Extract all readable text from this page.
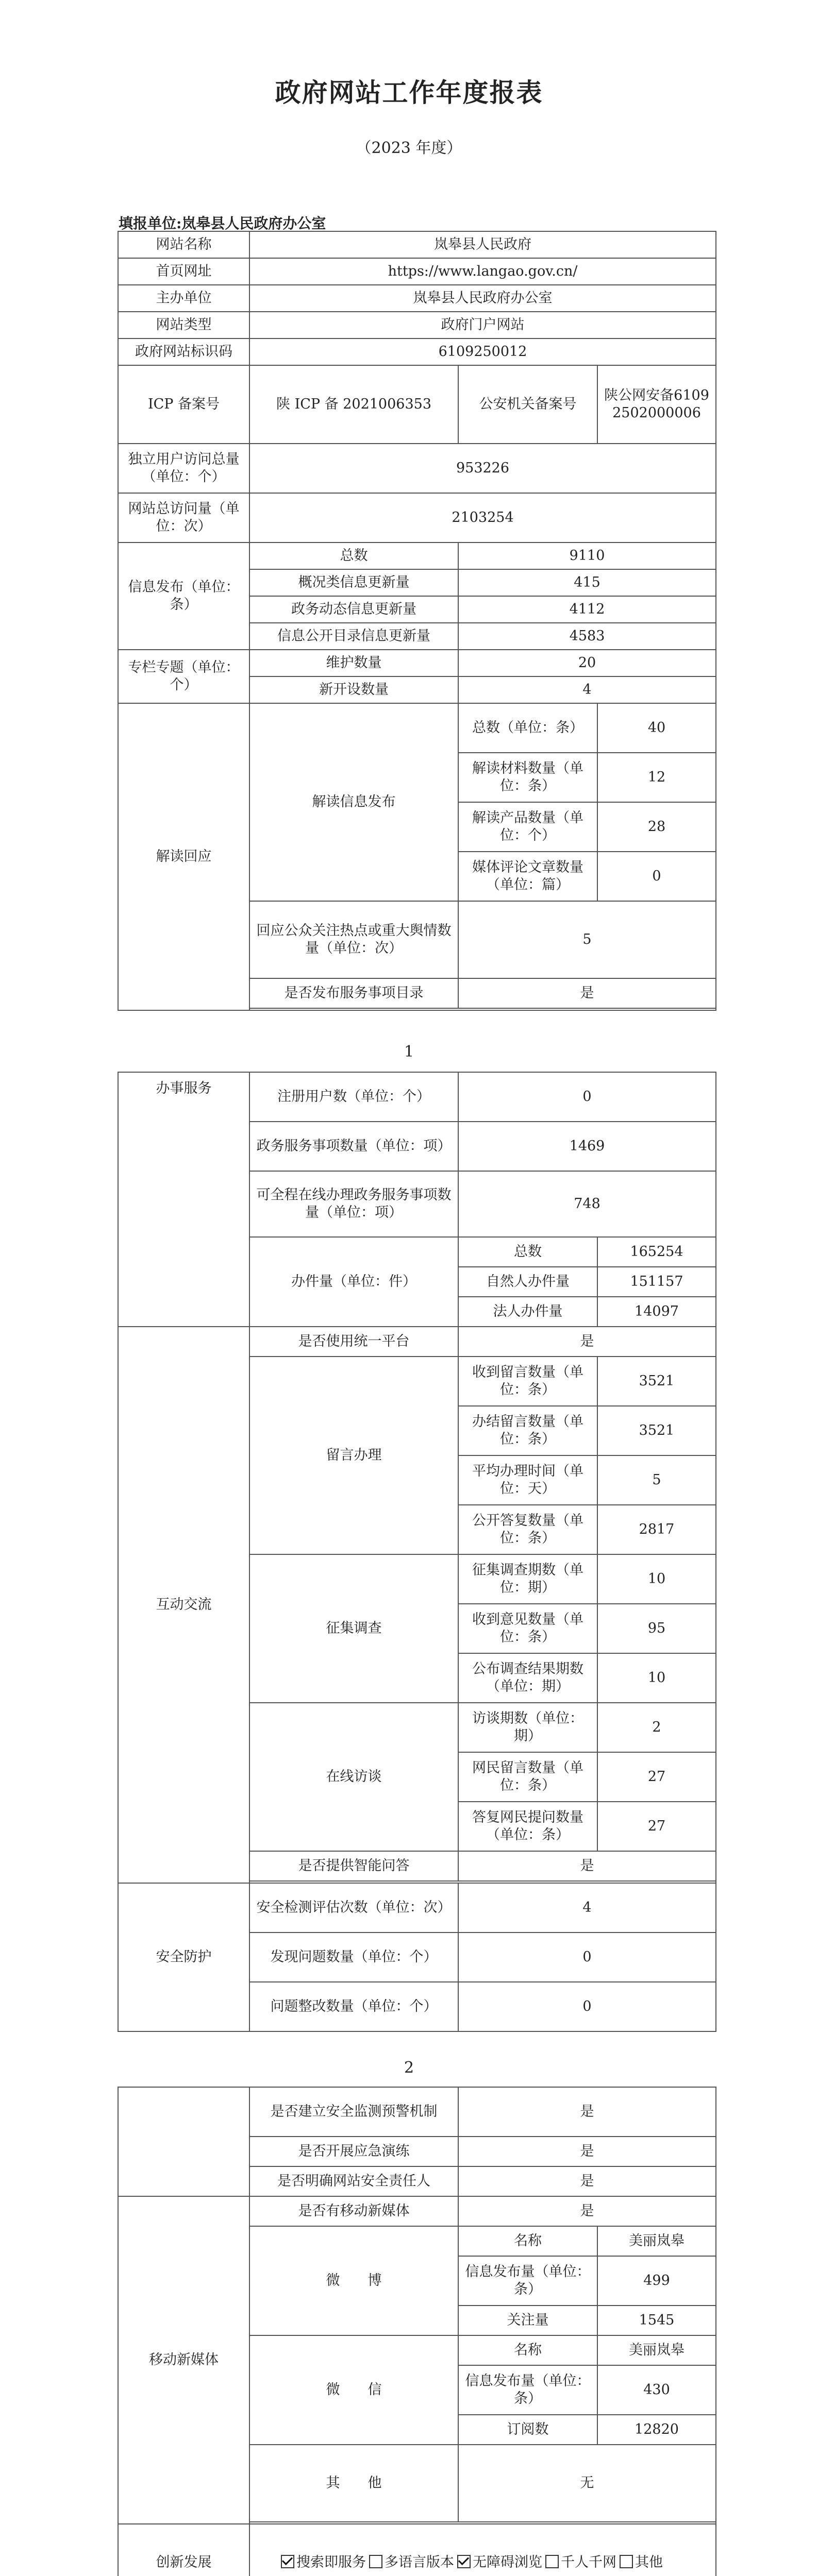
政府网站工作年度报表
（2023 年度）
填报单位:岚皋县人民政府办公室
网站名称	岚皋县人民政府		
首页网址	https://www.langao.gov.cn/		
主办单位	岚皋县人民政府办公室		
网站类型	政府门户网站		
政府网站标识码	6109250012		
ICP 备案号	陕 ICP 备 2021006353	公安机关备案号	陕公网安备61092502000006
独立用户访问总量（单位：个）	953226		
网站总访问量（单位：次）	2103254		
信息发布（单位：条）	总数	9110	
	概况类信息更新量	415	
	政务动态信息更新量	4112	
	信息公开目录信息更新量	4583	
专栏专题（单位：个）	维护数量	20	
	新开设数量	4	
解读回应	解读信息发布	总数（单位：条）	40
		解读材料数量（单位：条）	12
		解读产品数量（单位：个）	28
		媒体评论文章数量（单位：篇）	0
	回应公众关注热点或重大舆情数量（单位：次）	5	
	是否发布服务事项目录	是	

1
办事服务	注册用户数（单位：个）	0	
	政务服务事项数量（单位：项）	1469	
	可全程在线办理政务服务事项数量（单位：项）	748	
	办件量（单位：件）	总数	165254
		自然人办件量	151157
		法人办件量	14097
互动交流	是否使用统一平台	是	
	留言办理	收到留言数量（单位：条）	3521
		办结留言数量（单位：条）	3521
		平均办理时间（单位：天）	5
		公开答复数量（单位：条）	2817
	征集调查	征集调查期数（单位：期）	10
		收到意见数量（单位：条）	95
		公布调查结果期数（单位：期）	10
	在线访谈	访谈期数（单位：期）	2
		网民留言数量（单位：条）	27
		答复网民提问数量（单位：条）	27
	是否提供智能问答	是	

安全防护	安全检测评估次数（单位：次）	4	
	发现问题数量（单位：个）	0	
	问题整改数量（单位：个）	0	
2
	是否建立安全监测预警机制	是	
	是否开展应急演练	是	
	是否明确网站安全责任人	是	
移动新媒体	是否有移动新媒体	是	
	微　　博	名称	美丽岚皋
		信息发布量（单位：条）	499
		关注量	1545
	微　　信	名称	美丽岚皋
		信息发布量（单位：条）	430
		订阅数	12820
	其　　他	无	

创新发展	搜索即服务 多语言版本 无障碍浏览 千人千网 其他		
